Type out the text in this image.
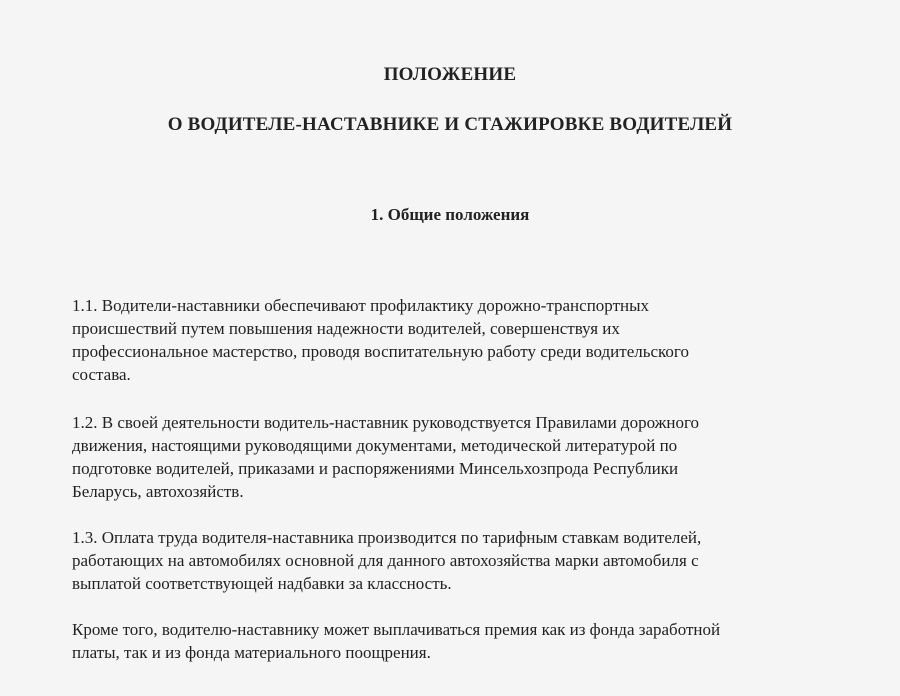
ПОЛОЖЕНИЕ
О ВОДИТЕЛЕ-НАСТАВНИКЕ И СТАЖИРОВКЕ ВОДИТЕЛЕЙ
1. Общие положения
1.1. Водители-наставники обеспечивают профилактику дорожно-транспортных
происшествий путем повышения надежности водителей, совершенствуя их
профессиональное мастерство, проводя воспитательную работу среди водительского
состава.
1.2. В своей деятельности водитель-наставник руководствуется Правилами дорожного
движения, настоящими руководящими документами, методической литературой по
подготовке водителей, приказами и распоряжениями Минсельхозпрода Республики
Беларусь, автохозяйств.
1.3. Оплата труда водителя-наставника производится по тарифным ставкам водителей,
работающих на автомобилях основной для данного автохозяйства марки автомобиля с
выплатой соответствующей надбавки за классность.
Кроме того, водителю-наставнику может выплачиваться премия как из фонда заработной
платы, так и из фонда материального поощрения.
